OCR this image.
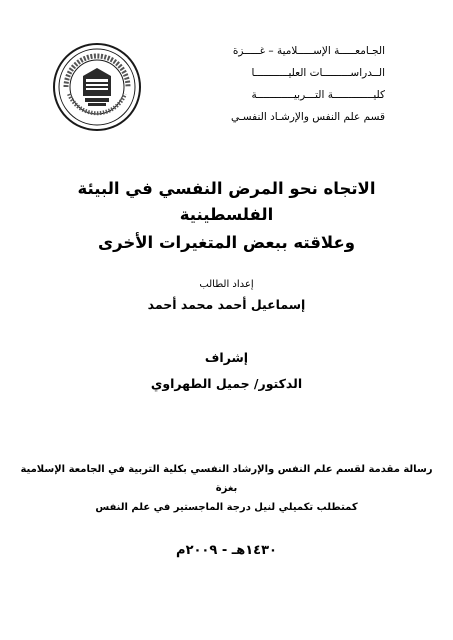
الجـامعـــــة الإســـــلامية – غـــــزة
الــدراســـــــــات العليـــــــــــا
كليـــــــــــــة التـــربيــــــــــــة
قسم علم النفس والإرشـاد النفسـي
الاتجاه نحو المرض النفسي في البيئة الفلسطينية
وعلاقته ببعض المتغيرات الأخرى
إعداد الطالب
إسماعيل أحمد محمد أحمد
إشراف
الدكتور/ جميل الطهراوي
رسالة مقدمة لقسم علم النفس والإرشاد النفسي بكلية التربية في الجامعة الإسلامية بغزة
كمتطلب تكميلي لنيل درجة الماجستير في علم النفس
١٤٣٠هـ - ٢٠٠٩م
